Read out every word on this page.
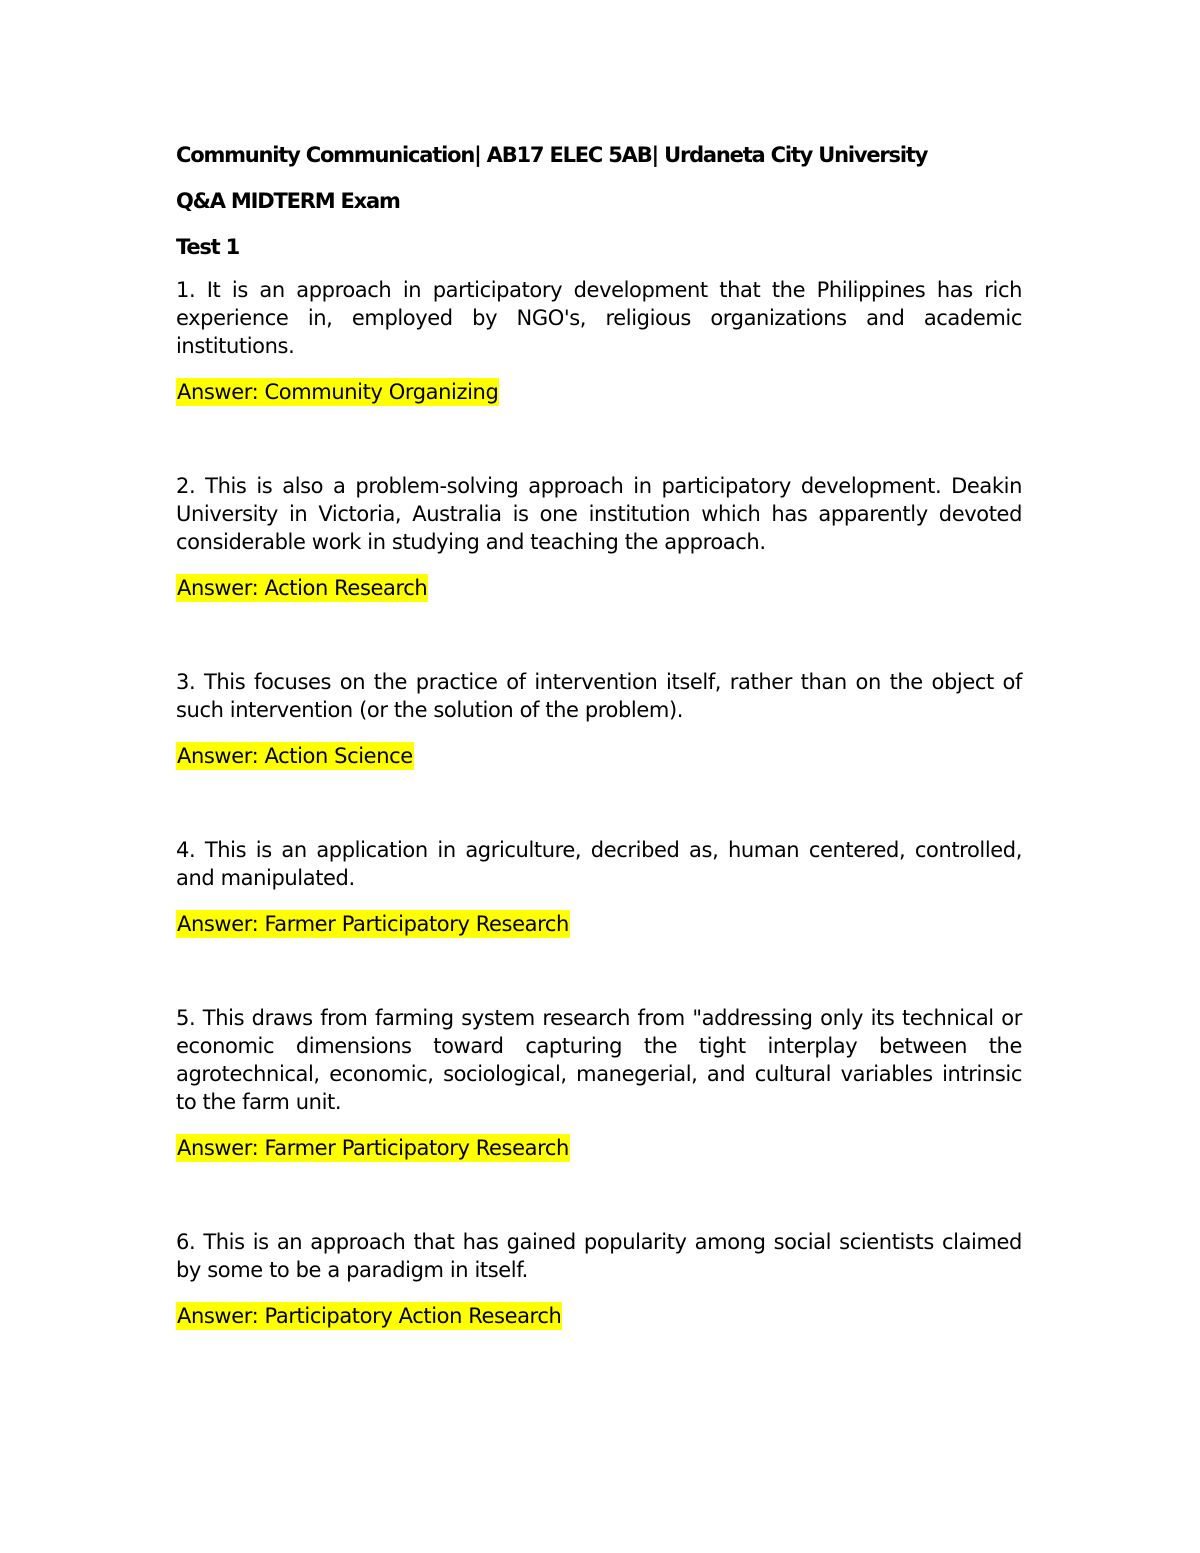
Community Communication| AB17 ELEC 5AB| Urdaneta City University
Q&A MIDTERM Exam
Test 1

1. It is an approach in participatory development that the Philippines has rich experience in, employed by NGO's, religious organizations and academic institutions.

Answer: Community Organizing

2. This is also a problem-solving approach in participatory development. Deakin University in Victoria, Australia is one institution which has apparently devoted considerable work in studying and teaching the approach.

Answer: Action Research

3. This focuses on the practice of intervention itself, rather than on the object of such intervention (or the solution of the problem).

Answer: Action Science

4. This is an application in agriculture, decribed as, human centered, controlled, and manipulated.

Answer: Farmer Participatory Research

5. This draws from farming system research from "addressing only its technical or economic dimensions toward capturing the tight interplay between the agrotechnical, economic, sociological, manegerial, and cultural variables intrinsic to the farm unit.

Answer: Farmer Participatory Research

6. This is an approach that has gained popularity among social scientists claimed by some to be a paradigm in itself.

Answer: Participatory Action Research
